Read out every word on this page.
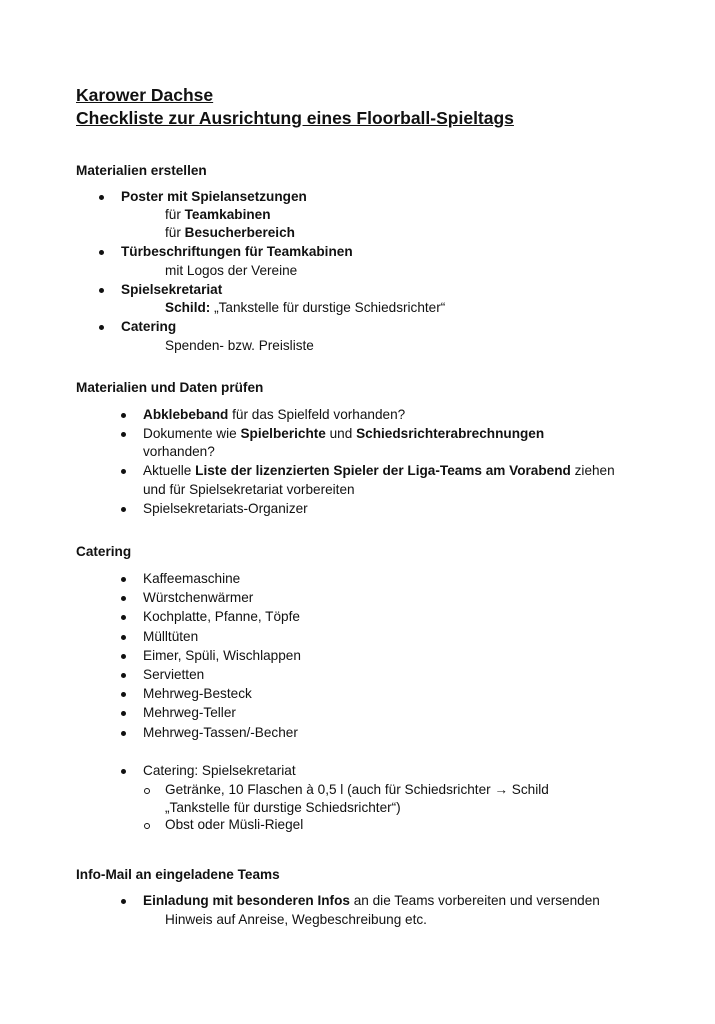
Karower Dachse
Checkliste zur Ausrichtung eines Floorball-Spieltags
Materialien erstellen
Poster mit Spielansetzungen
für Teamkabinen
für Besucherbereich
Türbeschriftungen für Teamkabinen
mit Logos der Vereine
Spielsekretariat
Schild: „Tankstelle für durstige Schiedsrichter“
Catering
Spenden- bzw. Preisliste
Materialien und Daten prüfen
Abklebeband für das Spielfeld vorhanden?
Dokumente wie Spielberichte und Schiedsrichterabrechnungen
vorhanden?
Aktuelle Liste der lizenzierten Spieler der Liga-Teams am Vorabend ziehen
und für Spielsekretariat vorbereiten
Spielsekretariats-Organizer
Catering
Kaffeemaschine
Würstchenwärmer
Kochplatte, Pfanne, Töpfe
Mülltüten
Eimer, Spüli, Wischlappen
Servietten
Mehrweg-Besteck
Mehrweg-Teller
Mehrweg-Tassen/-Becher
Catering: Spielsekretariat
Getränke, 10 Flaschen à 0,5 l (auch für Schiedsrichter → Schild
„Tankstelle für durstige Schiedsrichter“)
Obst oder Müsli-Riegel
Info-Mail an eingeladene Teams
Einladung mit besonderen Infos an die Teams vorbereiten und versenden
Hinweis auf Anreise, Wegbeschreibung etc.
